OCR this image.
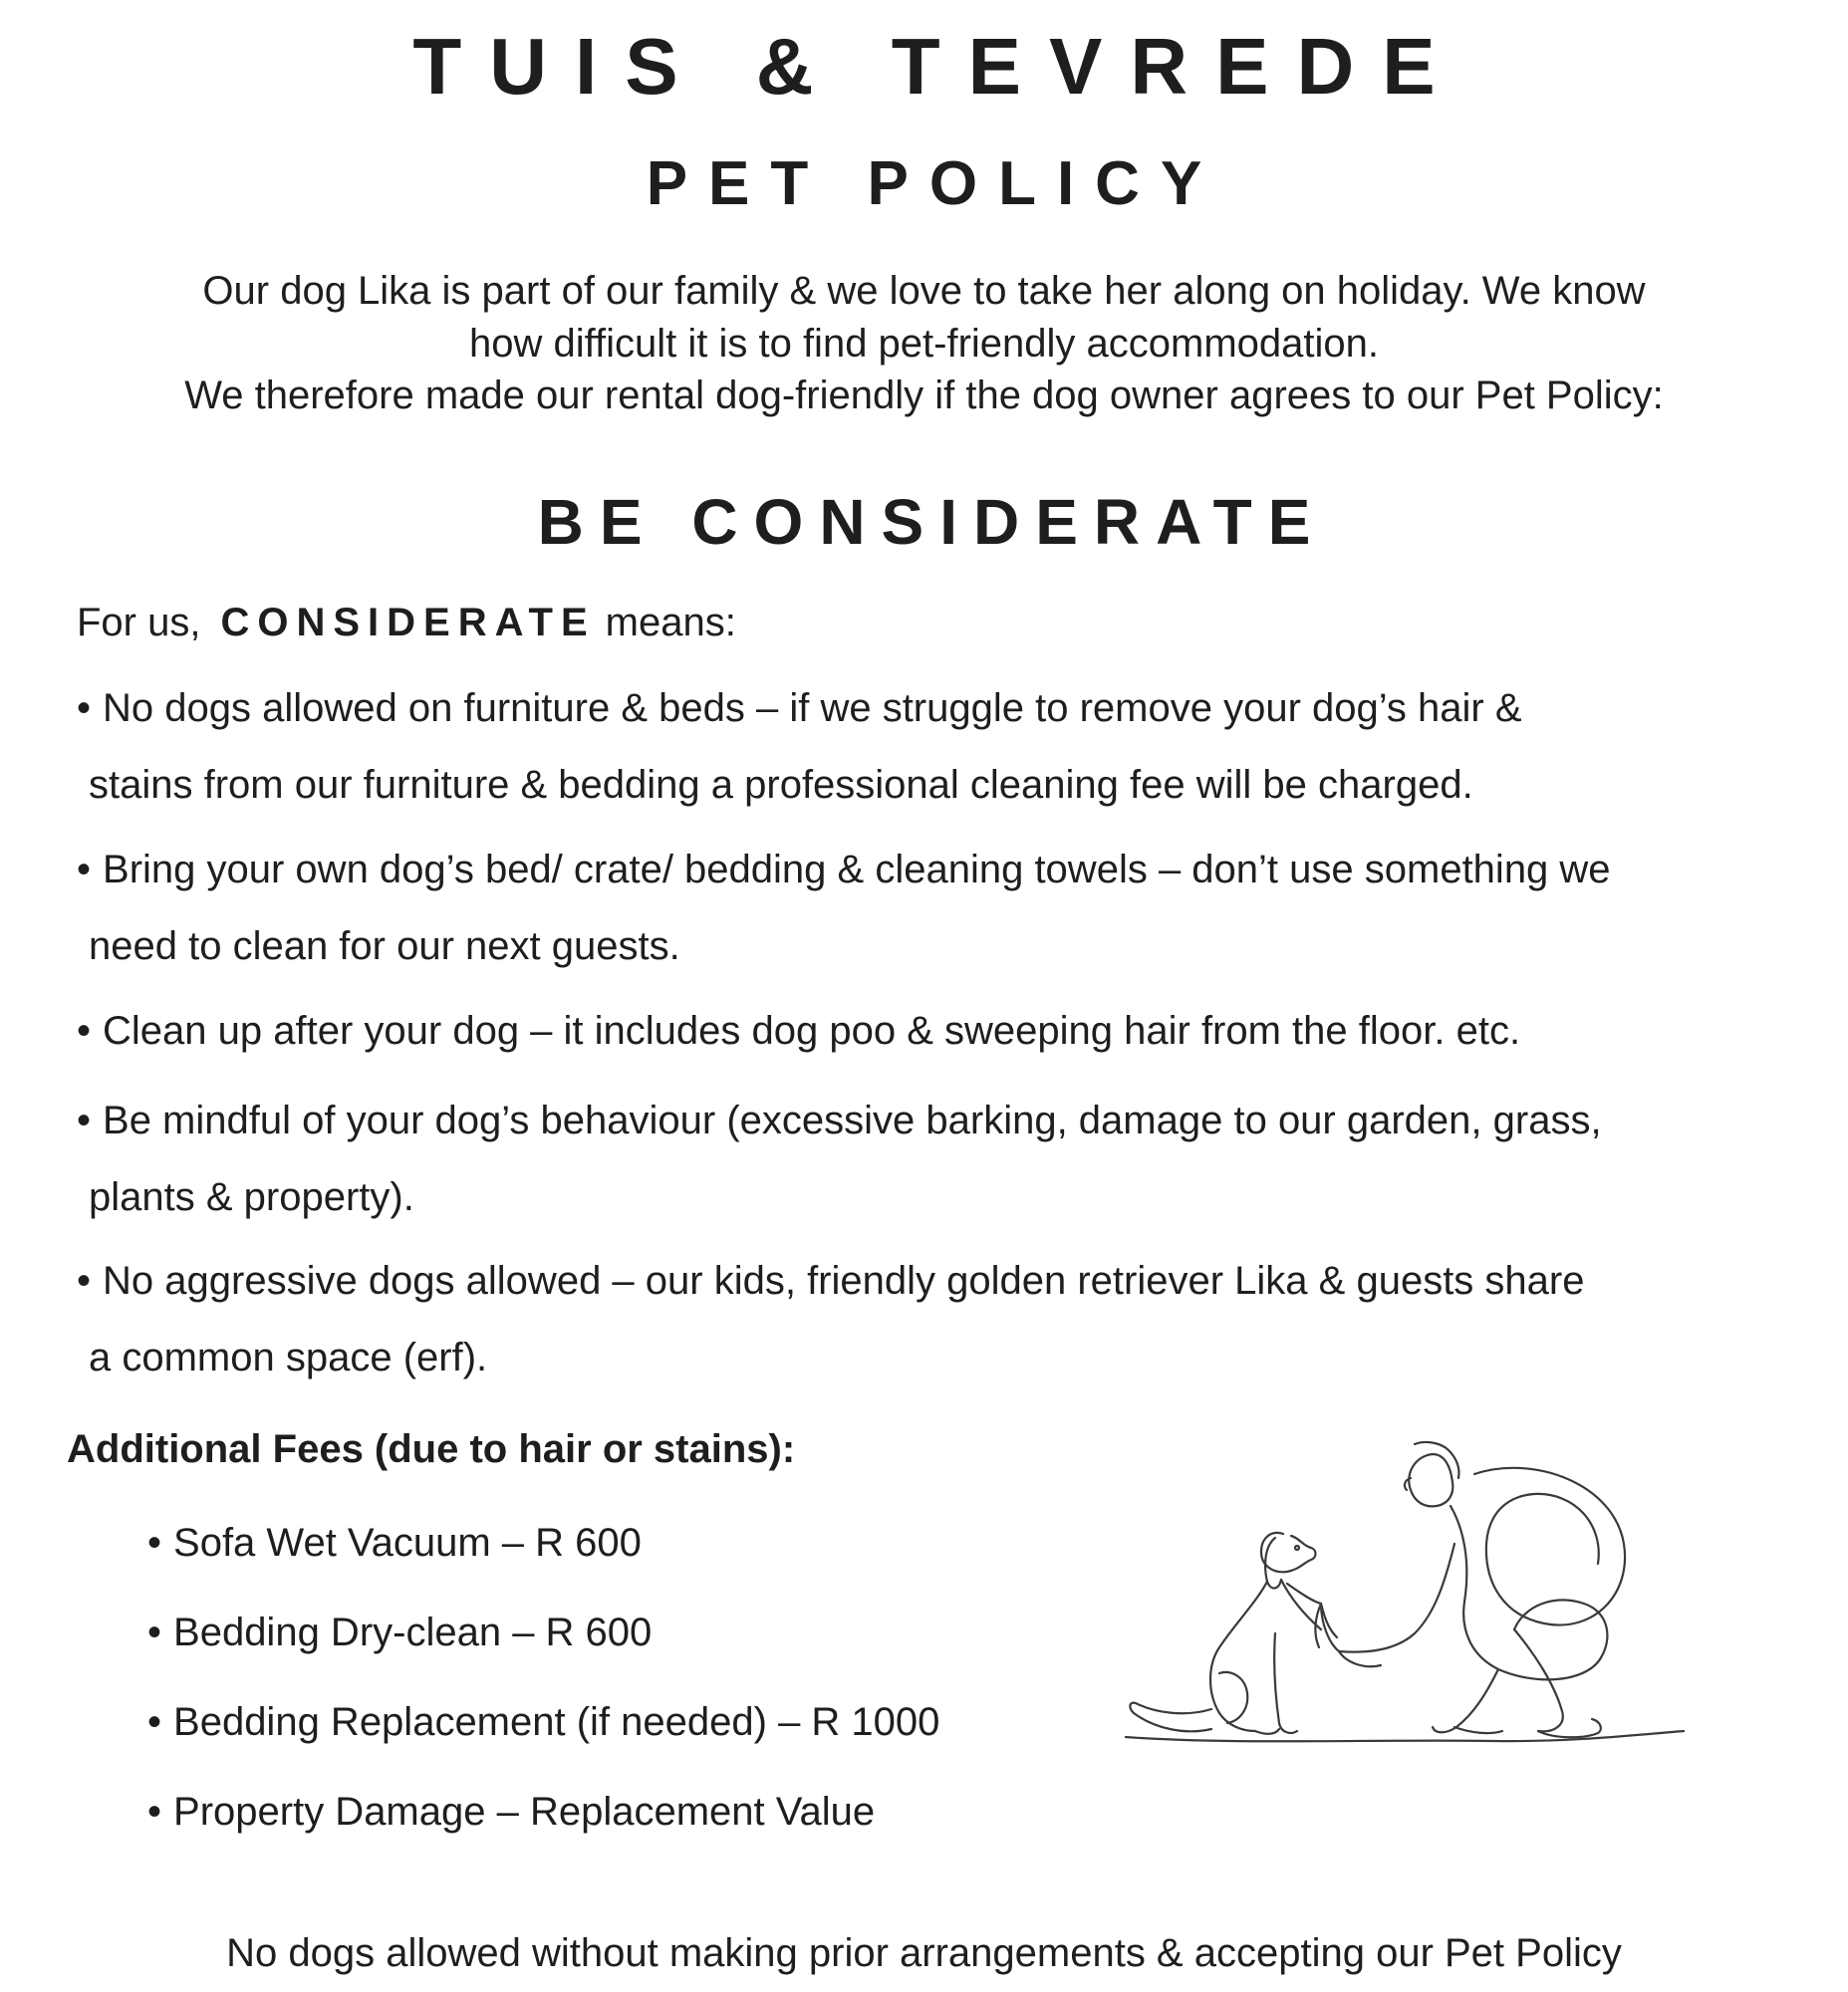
TUIS & TEVREDE
PET POLICY

Our dog Lika is part of our family & we love to take her along on holiday. We know

how difficult it is to find pet-friendly accommodation.

We therefore made our rental dog-friendly if the dog owner agrees to our Pet Policy:

BE CONSIDERATE
For us, CONSIDERATE means:
• No dogs allowed on furniture & beds – if we struggle to remove your dog’s hair &
stains from our furniture & bedding a professional cleaning fee will be charged.
• Bring your own dog’s bed/ crate/ bedding & cleaning towels – don’t use something we
need to clean for our next guests.
• Clean up after your dog – it includes dog poo & sweeping hair from the floor. etc.
• Be mindful of your dog’s behaviour (excessive barking, damage to our garden, grass,
plants & property).
• No aggressive dogs allowed – our kids, friendly golden retriever Lika & guests share
a common space (erf).
Additional Fees (due to hair or stains):
• Sofa Wet Vacuum – R 600
• Bedding Dry-clean – R 600
• Bedding Replacement (if needed) – R 1000
• Property Damage – Replacement Value
No dogs allowed without making prior arrangements & accepting our Pet Policy
